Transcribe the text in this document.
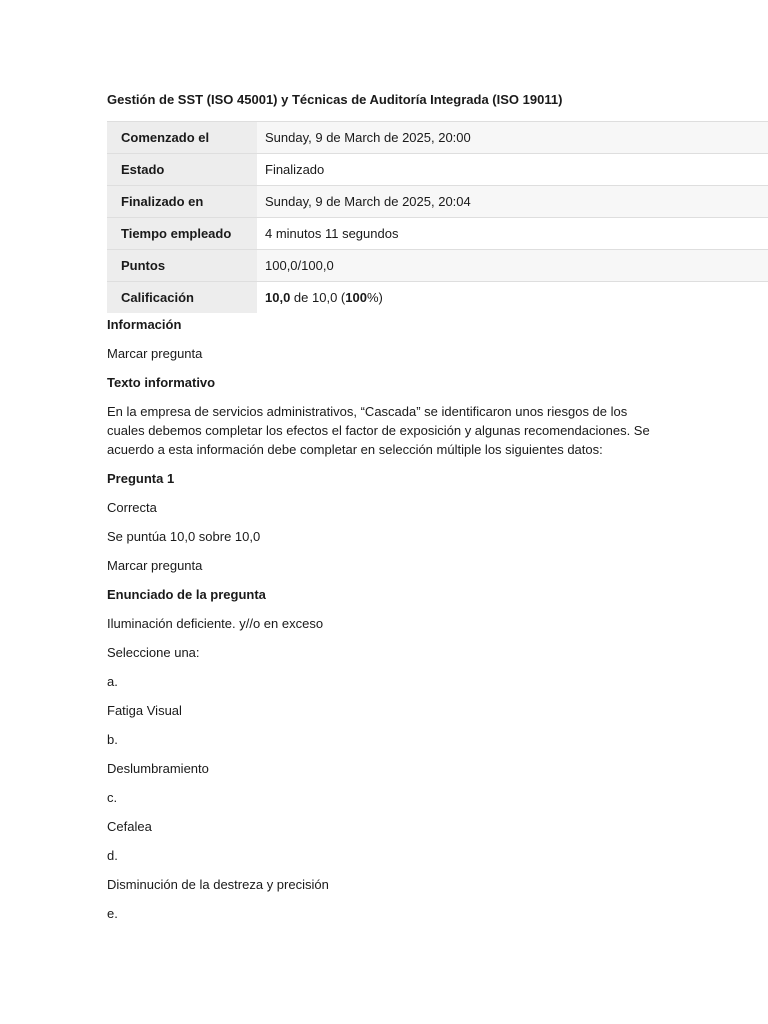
Gestión de SST (ISO 45001) y Técnicas de Auditoría Integrada (ISO 19011)
Comenzado el	Sunday, 9 de March de 2025, 20:00
Estado	Finalizado
Finalizado en	Sunday, 9 de March de 2025, 20:04
Tiempo empleado	4 minutos 11 segundos
Puntos	100,0/100,0
Calificación	10,0 de 10,0 (100%)
Información
Marcar pregunta
Texto informativo
En la empresa de servicios administrativos, “Cascada” se identificaron unos riesgos de los cuales debemos completar los efectos el factor de exposición y algunas recomendaciones. Se acuerdo a esta información debe completar en selección múltiple los siguientes datos:
Pregunta 1
Correcta
Se puntúa 10,0 sobre 10,0
Marcar pregunta
Enunciado de la pregunta
Iluminación deficiente. y//o en exceso
Seleccione una:
a.
Fatiga Visual
b.
Deslumbramiento
c.
Cefalea
d.
Disminución de la destreza y precisión
e.
